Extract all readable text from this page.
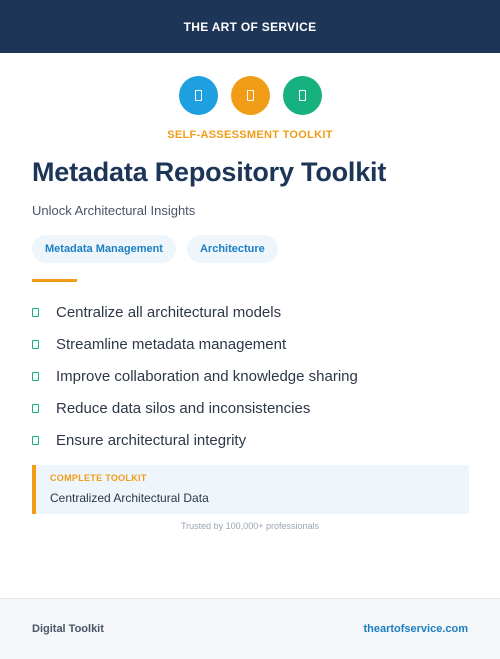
THE ART OF SERVICE
SELF-ASSESSMENT TOOLKIT
Metadata Repository Toolkit
Unlock Architectural Insights
Metadata Management	Architecture
Centralize all architectural models
Streamline metadata management
Improve collaboration and knowledge sharing
Reduce data silos and inconsistencies
Ensure architectural integrity
COMPLETE TOOLKIT
Centralized Architectural Data
Trusted by 100,000+ professionals
Digital Toolkit	theartofservice.com
